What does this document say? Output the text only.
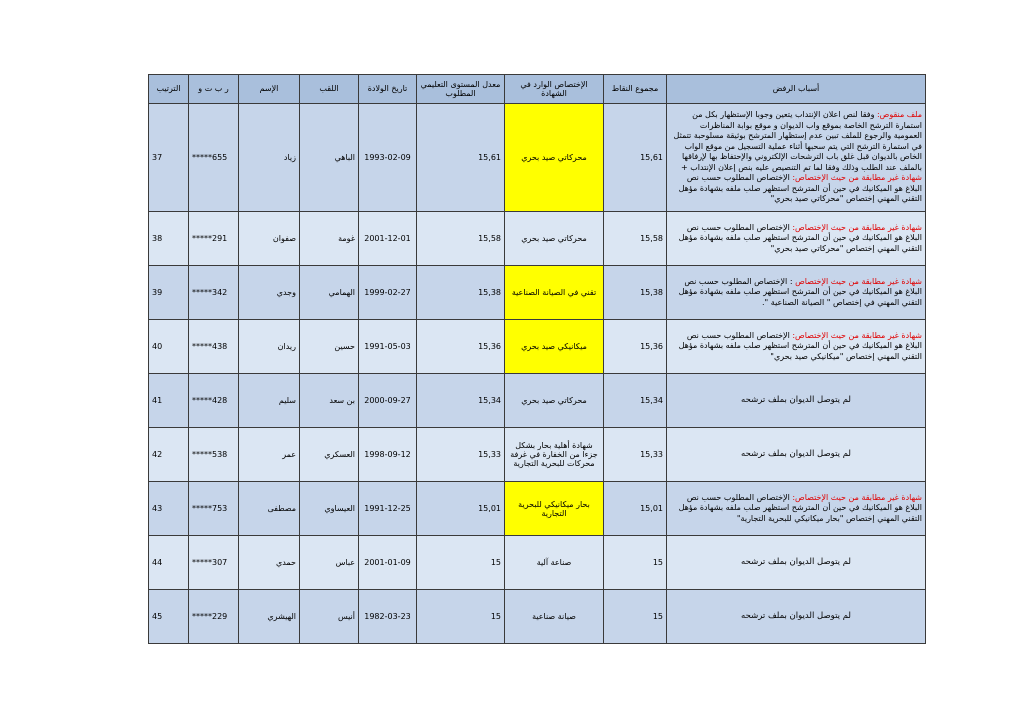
الترتيب	ر ب ت و	الإسم	اللقب	تاريخ الولادة	معدل المستوى التعليمي المطلوب	الإختصاص الوارد في الشهادة	مجموع النقاط	أسباب الرفض
37	*****655	زياد	الباهي	1993-02-09	15,61	محركاتي صيد بحري	15,61	ملف منقوص: وفقا لنص اعلان الإنتداب يتعين وجوبا الإستظهار بكل من استمارة الترشح الخاصة بموقع واب الديوان و موقع بوابة المناظرات العمومية والرجوع للملف تبين عدم إستظهار المترشح بوثيقة مسلوحبة تتمثل في استمارة الترشح التي يتم سحبها أثناء عملية التسجيل من موقع الواب الخاص بالديوان قبل غلق باب الترشحات الإلكتروني والإحتفاظ بها لإرفاقها بالملف عند الطلب وذلك وفقا لما تم التنصيص عليه بنص إعلان الإنتداب + شهادة غير مطابقة من حيث الإختصاص: الإختصاص المطلوب حسب نص البلاغ هو الميكانيك في حين أن المترشح استظهر صلب ملفه بشهادة مؤهل التقني المهني إختصاص "محركاتي صيد بحري"
38	*****291	صفوان	غومة	2001-12-01	15,58	محركاتي صيد بحري	15,58	شهادة غير مطابقة من حيث الإختصاص: الإختصاص المطلوب حسب نص البلاغ هو الميكانيك في حين أن المترشح استظهر صلب ملفه بشهادة مؤهل التقني المهني إختصاص "محركاتي صيد بحري"
39	*****342	وجدي	الهمامي	1999-02-27	15,38	تقني في الصيانة الصناعية	15,38	شهادة غير مطابقة من حيث الإختصاص : الإختصاص المطلوب حسب نص البلاغ هو الميكانيك في حين أن المترشح استظهر صلب ملفه بشهادة مؤهل التقني المهني في إختصاص " الصيانة الصناعية ".
40	*****438	ريدان	حسين	1991-05-03	15,36	ميكانيكي صيد بحري	15,36	شهادة غير مطابقة من حيث الإختصاص: الإختصاص المطلوب حسب نص البلاغ هو الميكانيك في حين أن المترشح استظهر صلب ملفه بشهادة مؤهل التقني المهني إختصاص "ميكانيكي صيد بحري"
41	*****428	سليم	بن سعد	2000-09-27	15,34	محركاتي صيد بحري	15,34	لم يتوصل الديوان بملف ترشحه
42	*****538	عمر	العسكري	1998-09-12	15,33	شهادة أهلية بحار بشكل جزءا من الخفارة في غرفة محركات للبحرية التجارية	15,33	لم يتوصل الديوان بملف ترشحه
43	*****753	مصطفى	العيساوي	1991-12-25	15,01	بحار ميكانيكي للبحرية التجارية	15,01	شهادة غير مطابقة من حيث الإختصاص: الإختصاص المطلوب حسب نص البلاغ هو الميكانيك في حين أن المترشح استظهر صلب ملفه بشهادة مؤهل التقني المهني إختصاص "بحار ميكانيكي للبحرية التجارية"
44	*****307	حمدي	عباس	2001-01-09	15	صناعة آلية	15	لم يتوصل الديوان بملف ترشحه
45	*****229	الهيشري	أنيس	1982-03-23	15	صيانة صناعية	15	لم يتوصل الديوان بملف ترشحه
